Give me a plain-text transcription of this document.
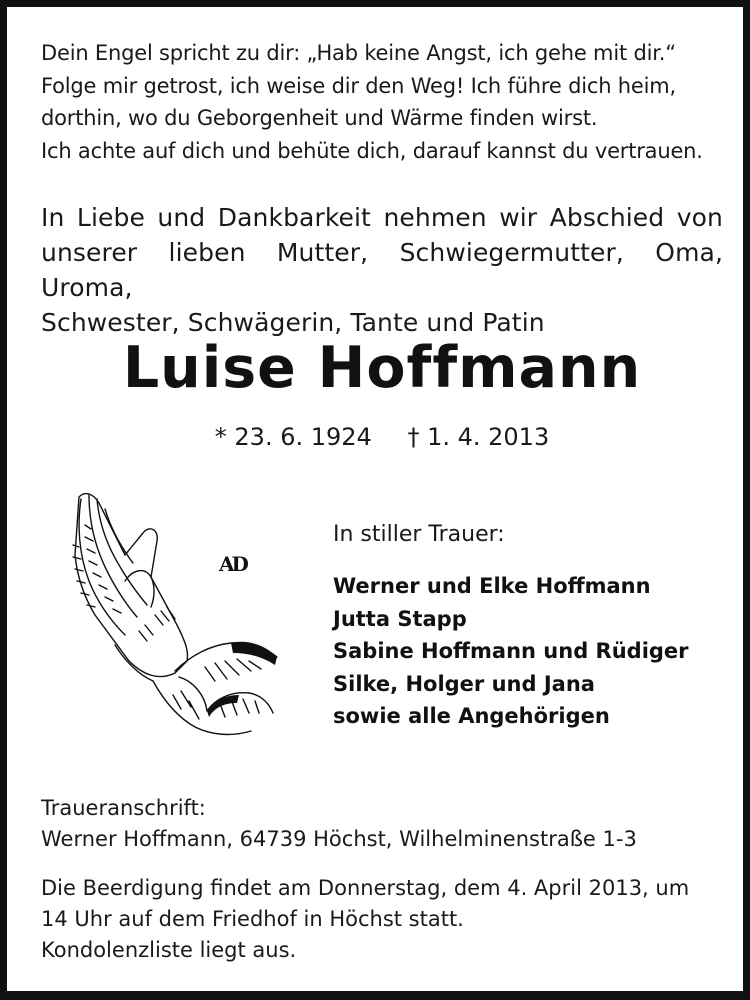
Dein Engel spricht zu dir: „Hab keine Angst, ich gehe mit dir.“
Folge mir getrost, ich weise dir den Weg! Ich führe dich heim,
dorthin, wo du Geborgenheit und Wärme finden wirst.
Ich achte auf dich und behüte dich, darauf kannst du vertrauen.
In Liebe und Dankbarkeit nehmen wir Abschied von
unserer lieben Mutter, Schwiegermutter, Oma, Uroma,
Schwester, Schwägerin, Tante und Patin
Luise Hoffmann
* 23. 6. 1924 † 1. 4. 2013
AD
In stiller Trauer:
Werner und Elke Hoffmann
Jutta Stapp
Sabine Hoffmann und Rüdiger
Silke, Holger und Jana
sowie alle Angehörigen
Traueranschrift:
Werner Hoffmann, 64739 Höchst, Wilhelminenstraße 1-3
Die Beerdigung findet am Donnerstag, dem 4. April 2013, um
14 Uhr auf dem Friedhof in Höchst statt.
Kondolenzliste liegt aus.
